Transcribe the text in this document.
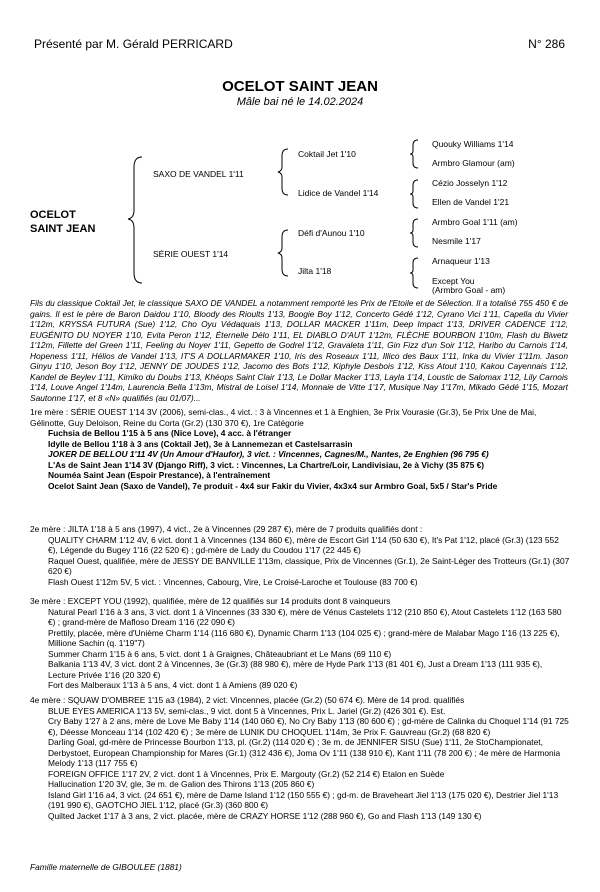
Présenté par M. Gérald PERRICARD	N° 286
OCELOT SAINT JEAN
Mâle bai né le 14.02.2024
OCELOT
SAINT JEAN
SAXO DE VANDEL 1'11
SÉRIE OUEST 1'14
Coktail Jet 1'10
Lidice de Vandel 1'14
Défi d'Aunou 1'10
Jilta 1'18
Quouky Williams 1'14
Armbro Glamour (am)
Cézio Josselyn 1'12
Ellen de Vandel 1'21
Armbro Goal 1'11 (am)
Nesmile 1'17
Arnaqueur 1'13
Except You
(Armbro Goal - am)
Fils du classique Coktail Jet, le classique SAXO DE VANDEL a notamment remporté les Prix de l'Etoile et de Sélection. Il a totalisé 755 450 € de gains. Il est le père de Baron Daidou 1'10, Bloody des Rioults 1'13, Boogie Boy 1'12, Concerto Gédé 1'12, Cyrano Vici 1'11, Capella du Vivier 1'12m, KRYSSA FUTURA (Sue) 1'12, Cho Oyu Védaquais 1'13, DOLLAR MACKER 1'11m, Deep Impact 1'13, DRIVER CADENCE 1'12, EUGÉNITO DU NOYER 1'10, Evita Peron 1'12, Éternelle Délo 1'11, EL DIABLO D'AUT 1'12m, FLÈCHE BOURBON 1'10m, Flash du Biwetz 1'12m, Fillette del Green 1'11, Feeling du Noyer 1'11, Gepetto de Godrel 1'12, Gravaleta 1'11, Gin Fizz d'un Soir 1'12, Haribo du Carnois 1'14, Hopeness 1'11, Hélios de Vandel 1'13, IT'S A DOLLARMAKER 1'10, Iris des Roseaux 1'11, Illico des Baux 1'11, Inka du Vivier 1'11m. Jason Ginyu 1'10, Jeson Boy 1'12, JENNY DE JOUDES 1'12, Jacomo des Bots 1'12, Kiphyle Desbois 1'12, Kiss Atout 1'10, Kakou Cayennais 1'12, Kandel de Beylev 1'11, Kimiko du Doubs 1'13, Khéops Saint Clair 1'13, Le Dollar Macker 1'13, Layla 1'14, Loustic de Salomax 1'12, Lily Carnois 1'14, Louve Angel 1'14m, Laurencia Bella 1'13m, Mistral de Loisel 1'14, Monnaie de Vitte 1'17, Musique Nay 1'17m, Mikado Gédé 1'15, Mozart Sautonne 1'17, et 8 «N» qualifiés (au 01/07)...
1re mère : SÉRIE OUEST 1'14 3V (2006), semi-clas., 4 vict. : 3 à Vincennes et 1 à Enghien, 3e Prix Vourasie (Gr.3), 5e Prix Une de Mai, Gélinotte, Guy Deloison, Reine du Corta (Gr.2) (130 370 €), 1re Catégorie
Fuchsia de Bellou 1'15 à 5 ans (Nice Love), 4 acc. à l'étranger
Idylle de Bellou 1'18 à 3 ans (Coktail Jet), 3e à Lannemezan et Castelsarrasin
JOKER DE BELLOU 1'11 4V (Un Amour d'Haufor), 3 vict. : Vincennes, Cagnes/M., Nantes, 2e Enghien (96 795 €)
L'As de Saint Jean 1'14 3V (Django Riff), 3 vict. : Vincennes, La Chartre/Loir, Landivisiau, 2e à Vichy (35 875 €)
Nouméa Saint Jean (Espoir Prestance), à l'entraînement
Ocelot Saint Jean (Saxo de Vandel), 7e produit - 4x4 sur Fakir du Vivier, 4x3x4 sur Armbro Goal, 5x5 / Star's Pride
2e mère : JILTA 1'18 à 5 ans (1997), 4 vict., 2e à Vincennes (29 287 €), mère de 7 produits qualifiés dont :
QUALITY CHARM 1'12 4V, 6 vict. dont 1 à Vincennes (134 860 €), mère de Escort Girl 1'14 (50 630 €), It's Pat 1'12, placé (Gr.3) (123 552 €), Légende du Bugey 1'16 (22 520 €) ; gd-mère de Lady du Coudou 1'17 (22 445 €)
Raquel Ouest, qualifiée, mère de JESSY DE BANVILLE 1'13m, classique, Prix de Vincennes (Gr.1), 2e Saint-Léger des Trotteurs (Gr.1) (307 620 €)
Flash Ouest 1'12m 5V, 5 vict. : Vincennes, Cabourg, Vire, Le Croisé-Laroche et Toulouse (83 700 €)
3e mère : EXCEPT YOU (1992), qualifiée, mère de 12 qualifiés sur 14 produits dont 8 vainqueurs
Natural Pearl 1'16 à 3 ans, 3 vict. dont 1 à Vincennes (33 330 €), mère de Vénus Castelets 1'12 (210 850 €), Atout Castelets 1'12 (163 580 €) ; grand-mère de Mafloso Dream 1'16 (22 090 €)
Prettily, placée, mère d'Unième Charm 1'14 (116 680 €), Dynamic Charm 1'13 (104 025 €) ; grand-mère de Malabar Mago 1'16 (13 225 €), Millione Sachin (q. 1'19"7)
Summer Charm 1'15 à 6 ans, 5 vict. dont 1 à Graignes, Châteaubriant et Le Mans (69 110 €)
Balkania 1'13 4V, 3 vict. dont 2 à Vincennes, 3e (Gr.3) (88 980 €), mère de Hyde Park 1'13 (81 401 €), Just a Dream 1'13 (111 935 €), Lecture Privée 1'16 (20 320 €)
Fort des Malberaux 1'13 à 5 ans, 4 vict. dont 1 à Amiens (89 020 €)
4e mère : SQUAW D'OMBREE 1'15 a3 (1984), 2 vict. Vincennes, placée (Gr.2) (50 674 €). Mère de 14 prod. qualifiés
BLUE EYES AMERICA 1'13 5V, semi-clas., 9 vict. dont 5 à Vincennes, Prix L. Jariel (Gr.2) (426 301 €). Est.
Cry Baby 1'27 à 2 ans, mère de Love Me Baby 1'14 (140 060 €), No Cry Baby 1'13 (80 600 €) ; gd-mère de Calinka du Choquel 1'14 (91 725 €), Déesse Monceau 1'14 (102 420 €) ; 3e mère de LUNIK DU CHOQUEL 1'14m, 3e Prix F. Gauvreau (Gr.2) (68 820 €)
Darling Goal, gd-mère de Princesse Bourbon 1'13, pl. (Gr.2) (114 020 €) ; 3e m. de JENNIFER SISU (Sue) 1'11, 2e StoChampionatet, Derbystoet, European Championship for Mares (Gr.1) (312 436 €), Joma Ov 1'11 (138 910 €), Kant 1'11 (78 200 €) ; 4e mère de Harmonia Melody 1'13 (117 755 €)
FOREIGN OFFICE 1'17 2V, 2 vict. dont 1 à Vincennes, Prix E. Margouty (Gr.2) (52 214 €) Etalon en Suède
Hallucination 1'20 3V, gle, 3e m. de Galion des Thirons 1'13 (205 860 €)
Island Girl 1'16 a4, 3 vict. (24 651 €), mère de Dame Island 1'12 (150 555 €) ; gd-m. de Braveheart Jiel 1'13 (175 020 €), Destrier Jiel 1'13 (191 990 €), GAOTCHO JIEL 1'12, placé (Gr.3) (360 800 €)
Quilted Jacket 1'17 à 3 ans, 2 vict. placée, mère de CRAZY HORSE 1'12 (288 960 €), Go and Flash 1'13 (149 130 €)
Famille maternelle de GIBOULEE (1881)
